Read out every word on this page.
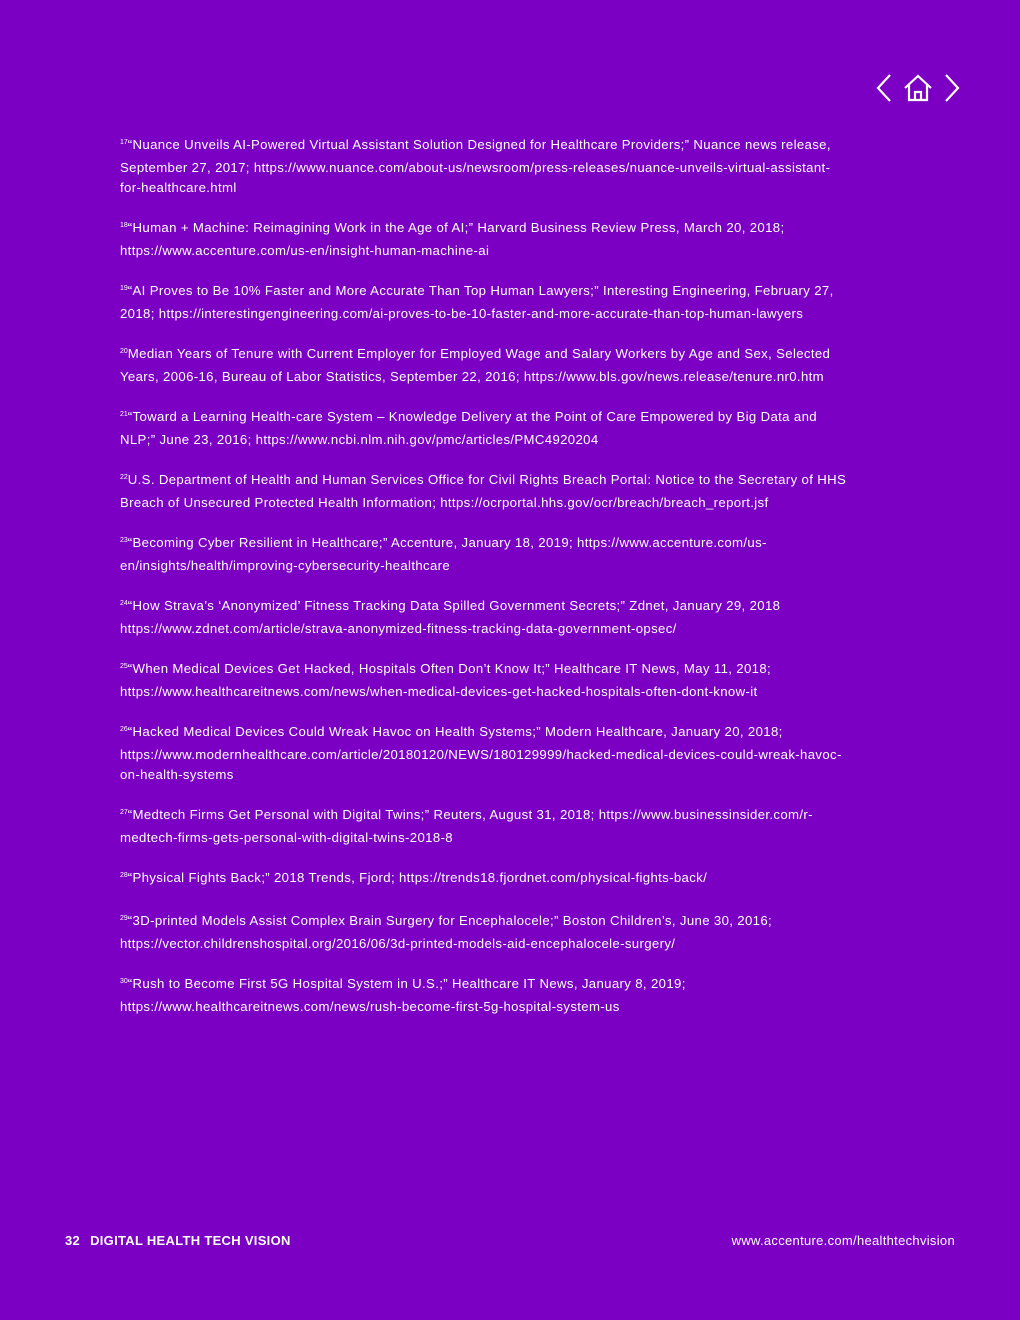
$^{17}$“Nuance Unveils AI-Powered Virtual Assistant Solution Designed for Healthcare Providers;” Nuance news release, September 27, 2017; https://www.nuance.com/about-us/newsroom/press-releases/nuance-unveils-virtual-assistant-for-healthcare.html

$^{18}$“Human + Machine: Reimagining Work in the Age of AI;” Harvard Business Review Press, March 20, 2018; https://www.accenture.com/us-en/insight-human-machine-ai

$^{19}$“AI Proves to Be 10% Faster and More Accurate Than Top Human Lawyers;” Interesting Engineering, February 27, 2018; https://interestingengineering.com/ai-proves-to-be-10-faster-and-more-accurate-than-top-human-lawyers

$^{20}$Median Years of Tenure with Current Employer for Employed Wage and Salary Workers by Age and Sex, Selected Years, 2006-16, Bureau of Labor Statistics, September 22, 2016; https://www.bls.gov/news.release/tenure.nr0.htm

$^{21}$“Toward a Learning Health-care System – Knowledge Delivery at the Point of Care Empowered by Big Data and NLP;” June 23, 2016; https://www.ncbi.nlm.nih.gov/pmc/articles/PMC4920204

$^{22}$U.S. Department of Health and Human Services Office for Civil Rights Breach Portal: Notice to the Secretary of HHS Breach of Unsecured Protected Health Information; https://ocrportal.hhs.gov/ocr/breach/breach_report.jsf

$^{23}$“Becoming Cyber Resilient in Healthcare;” Accenture, January 18, 2019; https://www.accenture.com/us-en/insights/health/improving-cybersecurity-healthcare

$^{24}$“How Strava’s ‘Anonymized’ Fitness Tracking Data Spilled Government Secrets;” Zdnet, January 29, 2018 https://www.zdnet.com/article/strava-anonymized-fitness-tracking-data-government-opsec/

$^{25}$“When Medical Devices Get Hacked, Hospitals Often Don’t Know It;” Healthcare IT News, May 11, 2018; https://www.healthcareitnews.com/news/when-medical-devices-get-hacked-hospitals-often-dont-know-it

$^{26}$“Hacked Medical Devices Could Wreak Havoc on Health Systems;” Modern Healthcare, January 20, 2018; https://www.modernhealthcare.com/article/20180120/NEWS/180129999/hacked-medical-devices-could-wreak-havoc-on-health-systems

$^{27}$“Medtech Firms Get Personal with Digital Twins;” Reuters, August 31, 2018; https://www.businessinsider.com/r-medtech-firms-gets-personal-with-digital-twins-2018-8

$^{28}$“Physical Fights Back;” 2018 Trends, Fjord; https://trends18.fjordnet.com/physical-fights-back/

$^{29}$“3D-printed Models Assist Complex Brain Surgery for Encephalocele;” Boston Children’s, June 30, 2016; https://vector.childrenshospital.org/2016/06/3d-printed-models-aid-encephalocele-surgery/

$^{30}$“Rush to Become First 5G Hospital System in U.S.;” Healthcare IT News, January 8, 2019; https://www.healthcareitnews.com/news/rush-become-first-5g-hospital-system-us

32 DIGITAL HEALTH TECH VISION	www.accenture.com/healthtechvision
